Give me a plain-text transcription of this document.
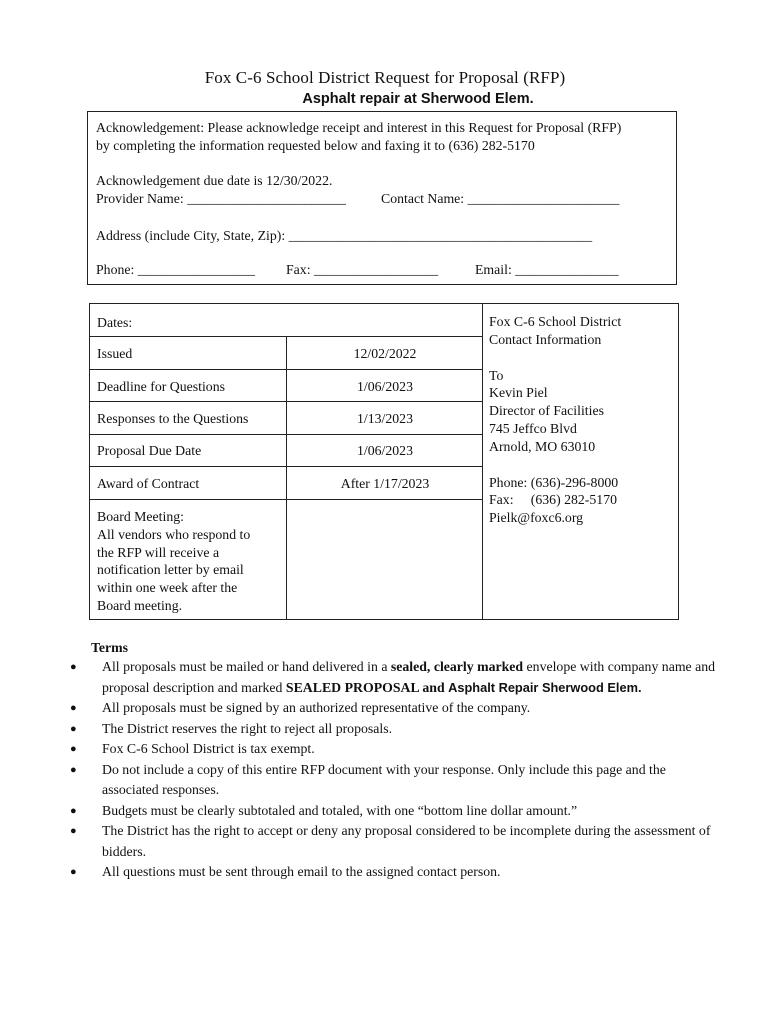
Fox C-6 School District Request for Proposal (RFP)
Asphalt repair at Sherwood Elem.
Acknowledgement: Please acknowledge receipt and interest in this Request for Proposal (RFP)
by completing the information requested below and faxing it to (636) 282-5170
Acknowledgement due date is 12/30/2022.
Provider Name: _______________________	Contact Name: ______________________
Address (include City, State, Zip): ____________________________________________
Phone: _________________ Fax: __________________	Email: _______________
Dates:
Issued	12/02/2022
Deadline for Questions	1/06/2023
Responses to the Questions	1/13/2023
Proposal Due Date	1/06/2023
Award of Contract	After 1/17/2023
Board Meeting:
All vendors who respond to
the RFP will receive a
notification letter by email
within one week after the
Board meeting.
Fox C-6 School District
Contact Information
To
Kevin Piel
Director of Facilities
745 Jeffco Blvd
Arnold, MO 63010
Phone: (636)-296-8000
Fax:     (636) 282-5170
Pielk@foxc6.org
Terms
● All proposals must be mailed or hand delivered in a sealed, clearly marked envelope with company name and proposal description and marked SEALED PROPOSAL and Asphalt Repair Sherwood Elem.
● All proposals must be signed by an authorized representative of the company.
● The District reserves the right to reject all proposals.
● Fox C-6 School District is tax exempt.
● Do not include a copy of this entire RFP document with your response. Only include this page and the associated responses.
● Budgets must be clearly subtotaled and totaled, with one “bottom line dollar amount.”
● The District has the right to accept or deny any proposal considered to be incomplete during the assessment of bidders.
● All questions must be sent through email to the assigned contact person.
